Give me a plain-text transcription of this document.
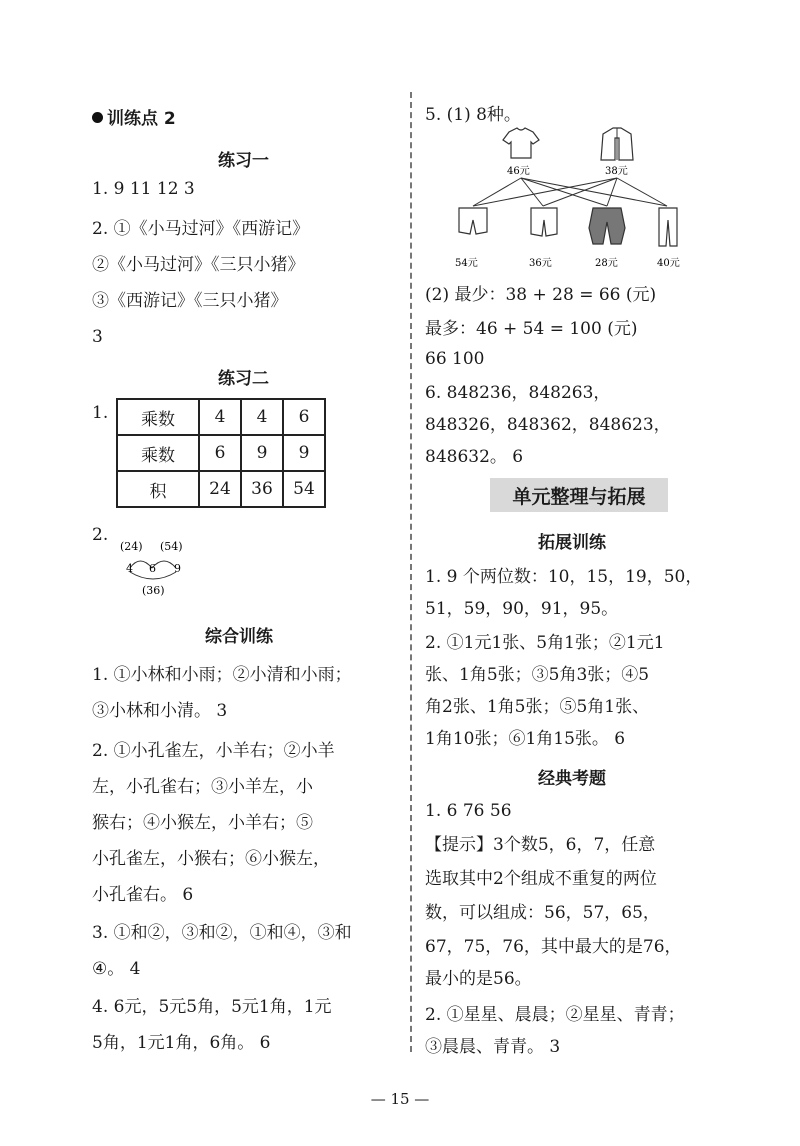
训练点 2
练习一
1. 9 11 12 3
2. ①《小马过河》《西游记》
②《小马过河》《三只小猪》
③《西游记》《三只小猪》
3
练习二
1. 乘数	4	4	6
乘数	6	9	9
积	24	36	54
2.
(24) (54)
4 6 9
(36)
综合训练
1. ①小林和小雨；②小清和小雨；
③小林和小清。 3
2. ①小孔雀左，小羊右；②小羊
左，小孔雀右；③小羊左，小
猴右；④小猴左，小羊右；⑤
小孔雀左，小猴右；⑥小猴左，
小孔雀右。 6
3. ①和②，③和②，①和④，③和
④。 4
4. 6元，5元5角，5元1角，1元
5角，1元1角，6角。 6
5. (1) 8种。
46元	38元
54元	36元	28元	40元
(2) 最少：38 + 28 = 66 (元)
最多：46 + 54 = 100 (元)
66 100
6. 848236，848263，
848326，848362，848623，
848632。 6
单元整理与拓展
拓展训练
1. 9 个两位数：10，15，19，50，
51，59，90，91，95。
2. ①1元1张、5角1张；②1元1
张、1角5张；③5角3张；④5
角2张、1角5张；⑤5角1张、
1角10张；⑥1角15张。 6
经典考题
1. 6 76 56
【提示】3个数5，6，7，任意
选取其中2个组成不重复的两位
数，可以组成：56，57，65，
67，75，76，其中最大的是76，
最小的是56。
2. ①星星、晨晨；②星星、青青；
③晨晨、青青。 3
— 15 —
